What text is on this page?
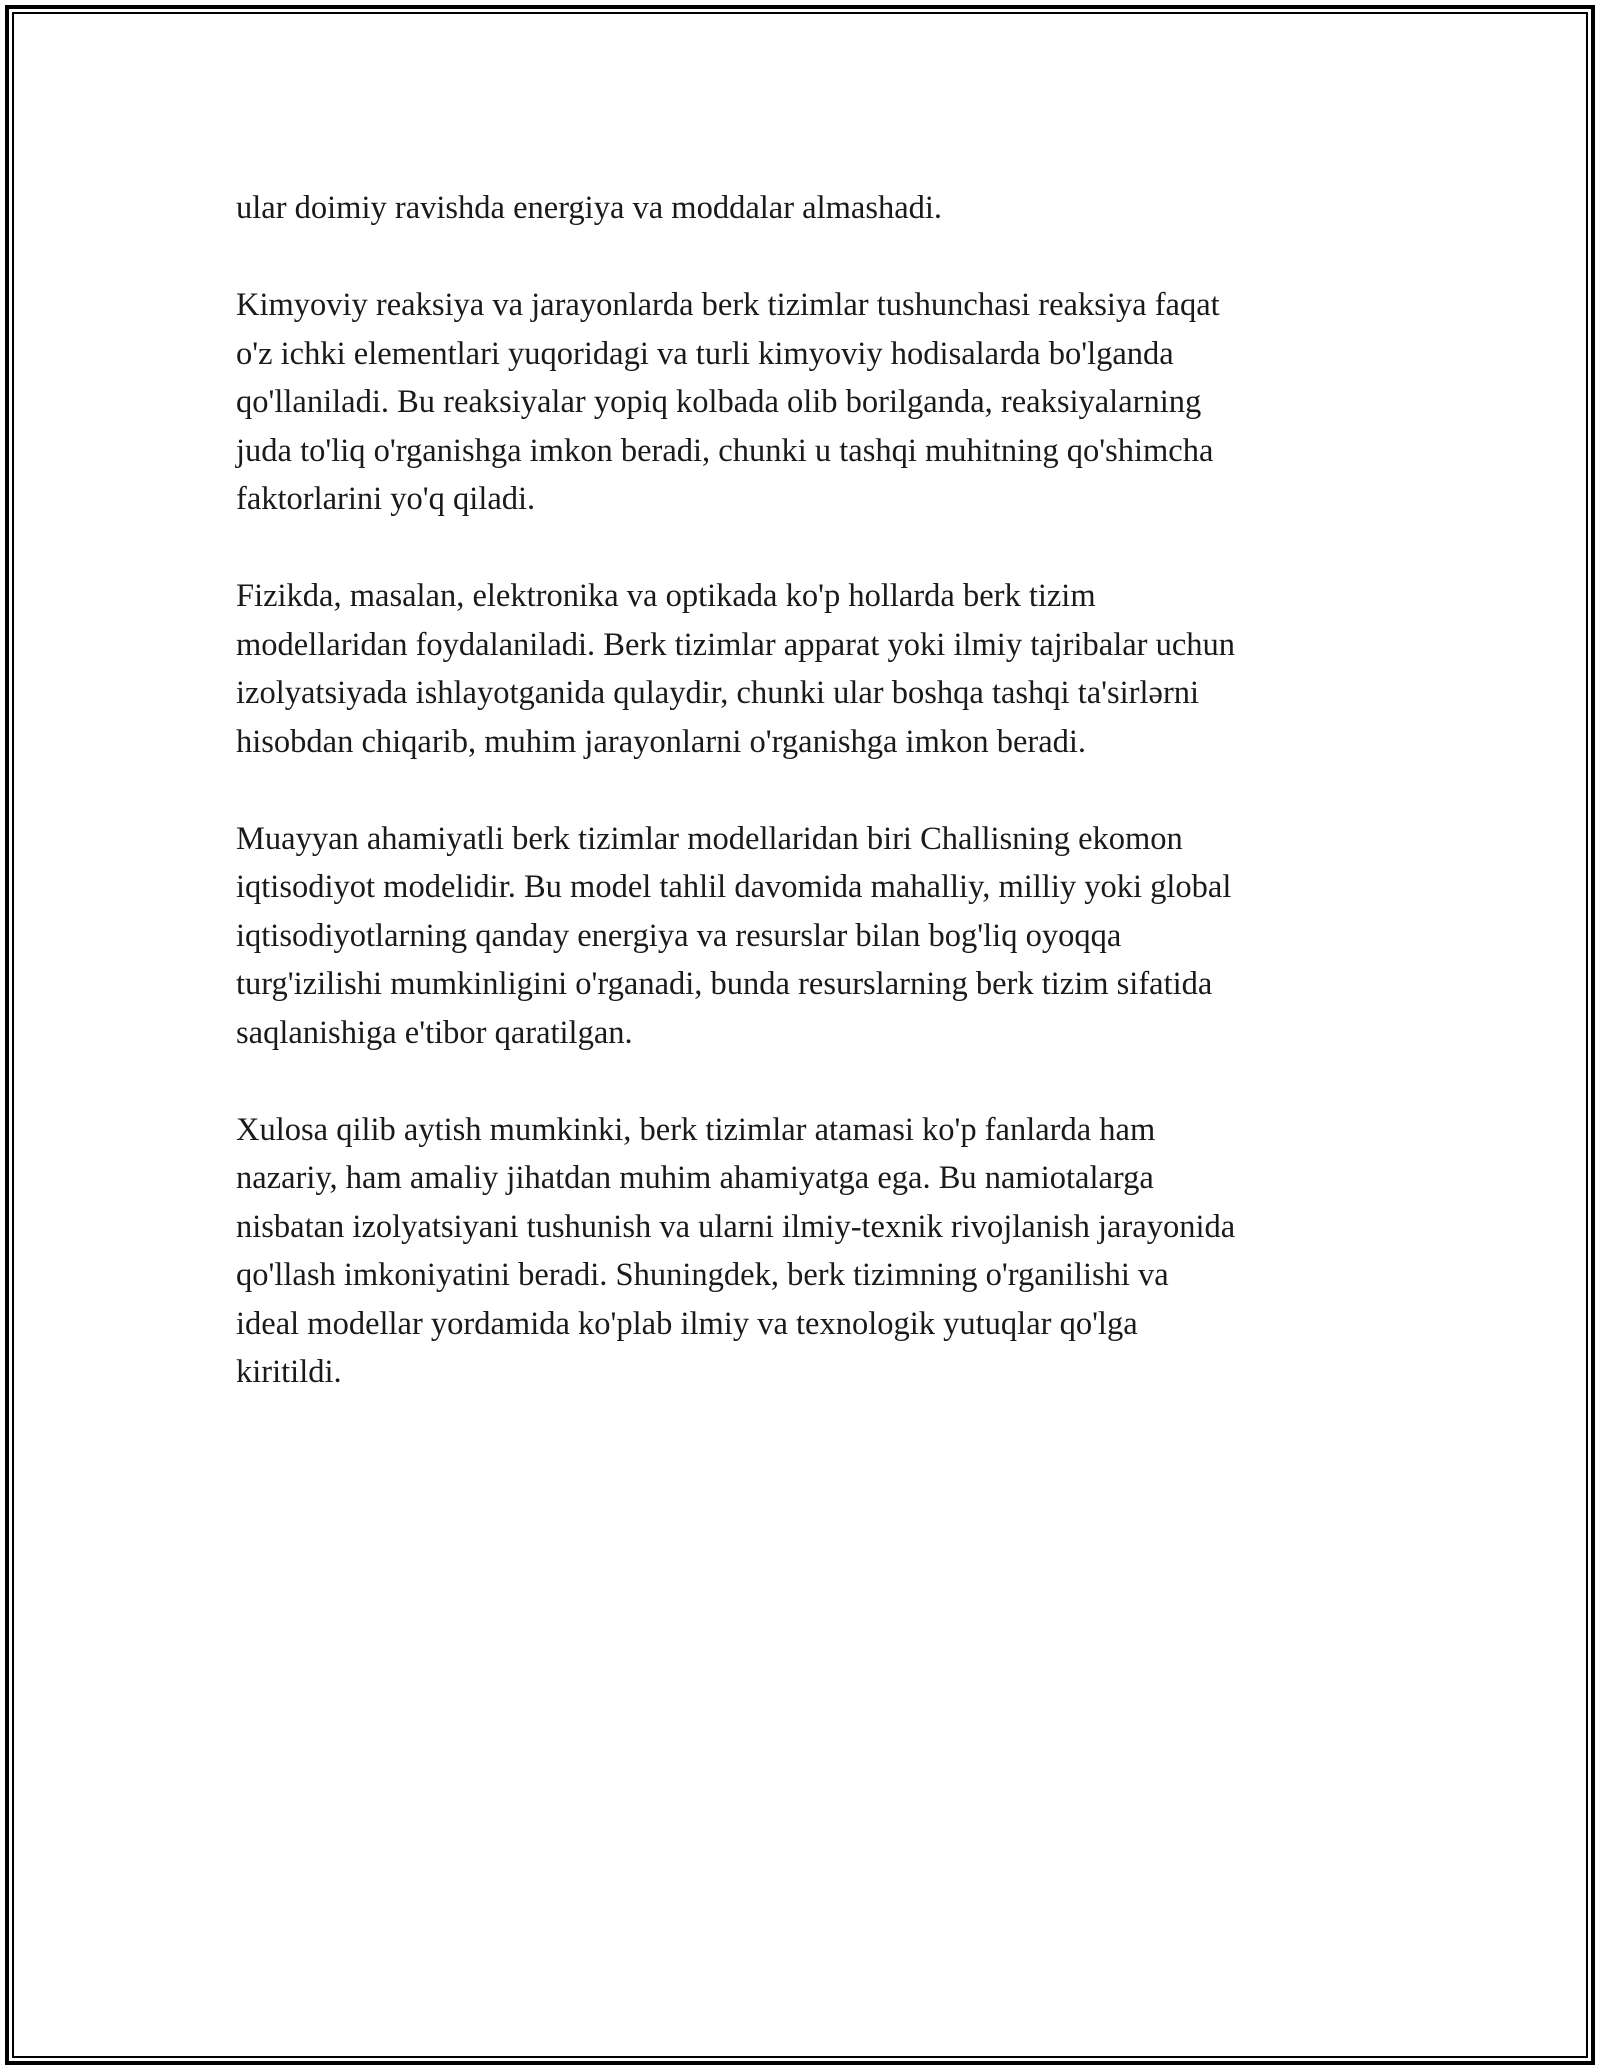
ular doimiy ravishda energiya va moddalar almashadi.

Kimyoviy reaksiya va jarayonlarda berk tizimlar tushunchasi reaksiya faqat
o'z ichki elementlari yuqoridagi va turli kimyoviy hodisalarda bo'lganda
qo'llaniladi. Bu reaksiyalar yopiq kolbada olib borilganda, reaksiyalarning
juda to'liq o'rganishga imkon beradi, chunki u tashqi muhitning qo'shimcha
faktorlarini yo'q qiladi.

Fizikda, masalan, elektronika va optikada ko'p hollarda berk tizim
modellaridan foydalaniladi. Berk tizimlar apparat yoki ilmiy tajribalar uchun
izolyatsiyada ishlayotganida qulaydir, chunki ular boshqa tashqi ta'sirlərni
hisobdan chiqarib, muhim jarayonlarni o'rganishga imkon beradi.

Muayyan ahamiyatli berk tizimlar modellaridan biri Challisning ekomon
iqtisodiyot modelidir. Bu model tahlil davomida mahalliy, milliy yoki global
iqtisodiyotlarning qanday energiya va resurslar bilan bog'liq oyoqqa
turg'izilishi mumkinligini o'rganadi, bunda resurslarning berk tizim sifatida
saqlanishiga e'tibor qaratilgan.

Xulosa qilib aytish mumkinki, berk tizimlar atamasi ko'p fanlarda ham
nazariy, ham amaliy jihatdan muhim ahamiyatga ega. Bu namiotalarga
nisbatan izolyatsiyani tushunish va ularni ilmiy-texnik rivojlanish jarayonida
qo'llash imkoniyatini beradi. Shuningdek, berk tizimning o'rganilishi va
ideal modellar yordamida ko'plab ilmiy va texnologik yutuqlar qo'lga
kiritildi.
